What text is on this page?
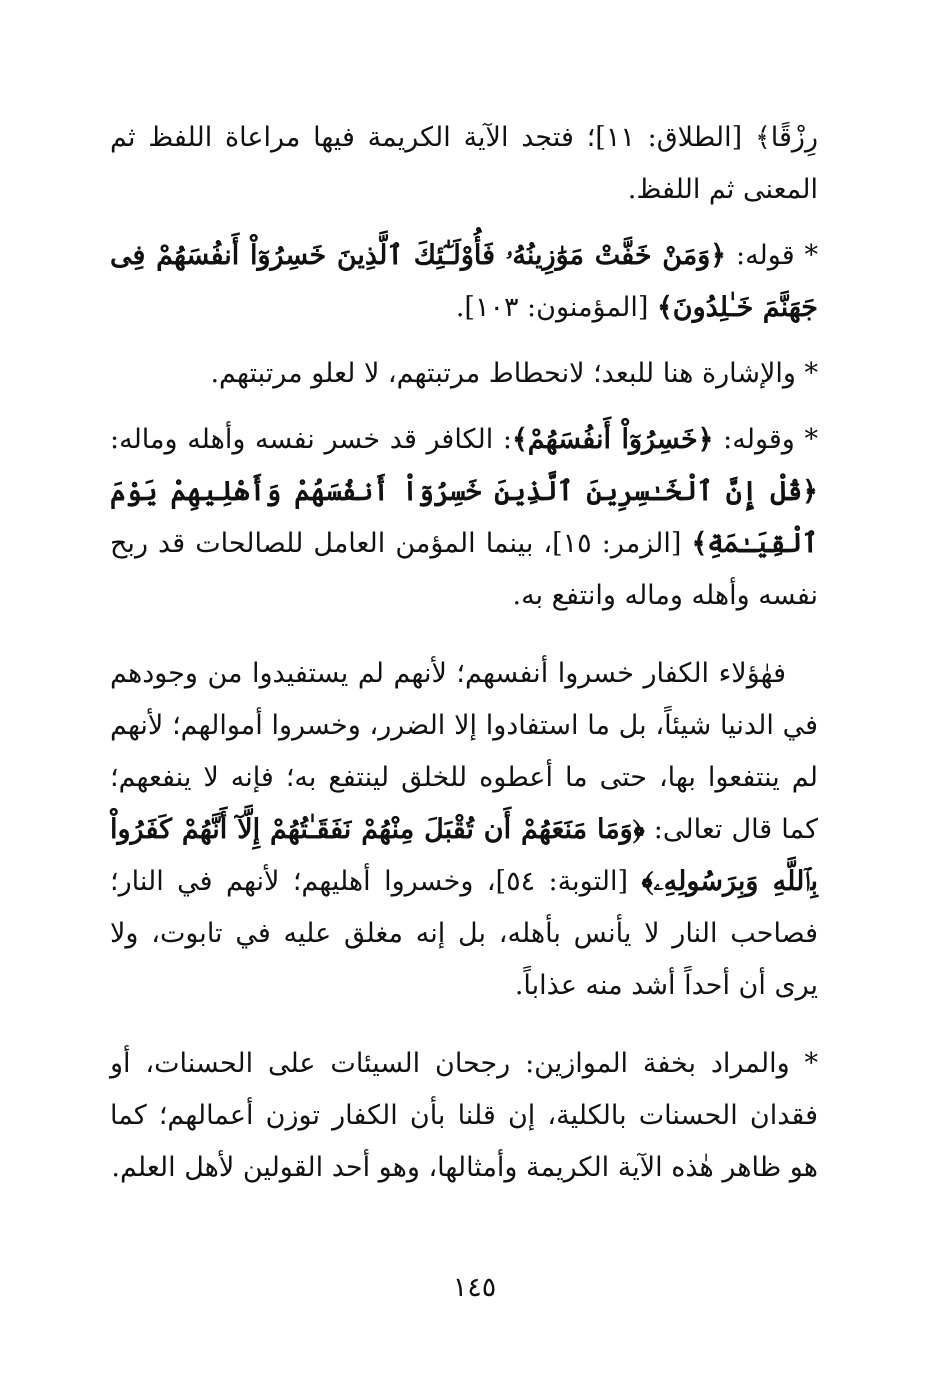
رِزْقًا﴾ [الطلاق: ١١]؛ فتجد الآية الكريمة فيها مراعاة اللفظ ثم المعنى ثم اللفظ.

* قوله: ﴿وَمَنْ خَفَّتْ مَوَٰزِينُهُۥ فَأُوْلَـٰٓئِكَ ٱلَّذِينَ خَسِرُوٓاْ أَنفُسَهُمْ فِى جَهَنَّمَ خَـٰلِدُونَ﴾ [المؤمنون: ١٠٣].

* والإشارة هنا للبعد؛ لانحطاط مرتبتهم، لا لعلو مرتبتهم.

* وقوله: ﴿خَسِرُوٓاْ أَنفُسَهُمْ﴾: الكافر قد خسر نفسه وأهله وماله: ﴿قُلْ إِنَّ ٱلْخَـٰسِرِينَ ٱلَّذِينَ خَسِرُوٓاْ أَنفُسَهُمْ وَأَهْلِيهِمْ يَوْمَ ٱلْقِيَـٰمَةِ﴾ [الزمر: ١٥]، بينما المؤمن العامل للصالحات قد ربح نفسه وأهله وماله وانتفع به.

فهٰؤلاء الكفار خسروا أنفسهم؛ لأنهم لم يستفيدوا من وجودهم في الدنيا شيئاً، بل ما استفادوا إلا الضرر، وخسروا أموالهم؛ لأنهم لم ينتفعوا بها، حتى ما أعطوه للخلق لينتفع به؛ فإنه لا ينفعهم؛ كما قال تعالى: ﴿وَمَا مَنَعَهُمْ أَن تُقْبَلَ مِنْهُمْ نَفَقَـٰتُهُمْ إِلَّآ أَنَّهُمْ كَفَرُواْ بِٱللَّهِ وَبِرَسُولِهِۦ﴾ [التوبة: ٥٤]، وخسروا أهليهم؛ لأنهم في النار؛ فصاحب النار لا يأنس بأهله، بل إنه مغلق عليه في تابوت، ولا يرى أن أحداً أشد منه عذاباً.

* والمراد بخفة الموازين: رجحان السيئات على الحسنات، أو فقدان الحسنات بالكلية، إن قلنا بأن الكفار توزن أعمالهم؛ كما هو ظاهر هٰذه الآية الكريمة وأمثالها، وهو أحد القولين لأهل العلم.

١٤٥
